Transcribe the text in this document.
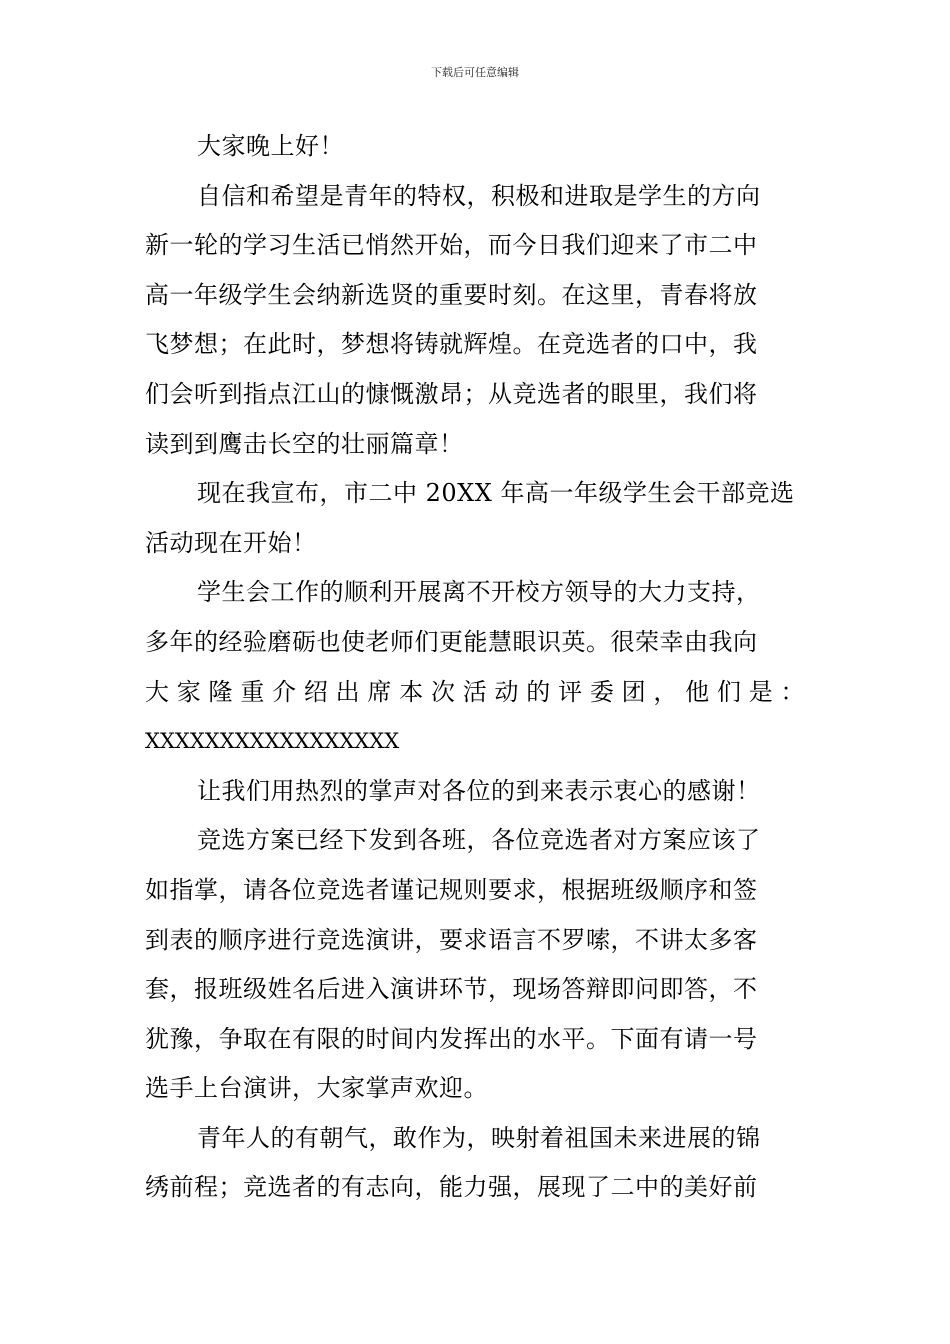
下载后可任意编辑

大家晚上好！

自信和希望是青年的特权，积极和进取是学生的方向
新一轮的学习生活已悄然开始，而今日我们迎来了市二中
高一年级学生会纳新选贤的重要时刻。在这里，青春将放
飞梦想；在此时，梦想将铸就辉煌。在竞选者的口中，我
们会听到指点江山的慷慨激昂；从竞选者的眼里，我们将
读到到鹰击长空的壮丽篇章！

现在我宣布，市二中 20XX 年高一年级学生会干部竞选
活动现在开始！

学生会工作的顺利开展离不开校方领导的大力支持，
多年的经验磨砺也使老师们更能慧眼识英。很荣幸由我向
大家隆重介绍出席本次活动的评委团，他们是：
XXXXXXXXXXXXXXXXX

让我们用热烈的掌声对各位的到来表示衷心的感谢！

竞选方案已经下发到各班，各位竞选者对方案应该了
如指掌，请各位竞选者谨记规则要求，根据班级顺序和签
到表的顺序进行竞选演讲，要求语言不罗嗦，不讲太多客
套，报班级姓名后进入演讲环节，现场答辩即问即答，不
犹豫，争取在有限的时间内发挥出的水平。下面有请一号
选手上台演讲，大家掌声欢迎。

青年人的有朝气，敢作为，映射着祖国未来进展的锦
绣前程；竞选者的有志向，能力强，展现了二中的美好前
